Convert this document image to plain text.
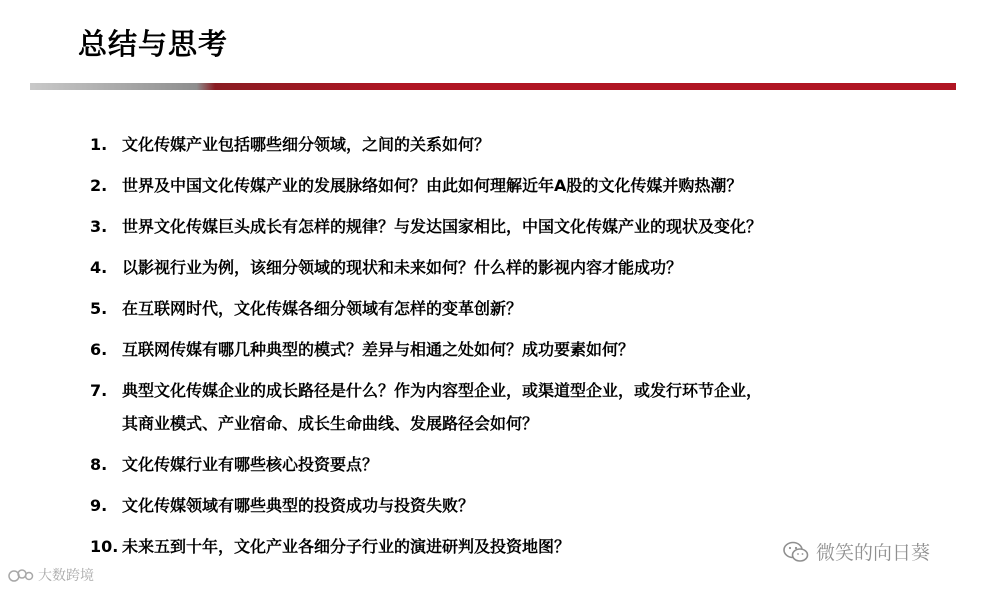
总结与思考
1. 文化传媒产业包括哪些细分领域，之间的关系如何？
2. 世界及中国文化传媒产业的发展脉络如何？由此如何理解近年A股的文化传媒并购热潮？
3. 世界文化传媒巨头成长有怎样的规律？与发达国家相比，中国文化传媒产业的现状及变化？
4. 以影视行业为例，该细分领域的现状和未来如何？什么样的影视内容才能成功？
5. 在互联网时代，文化传媒各细分领域有怎样的变革创新？
6. 互联网传媒有哪几种典型的模式？差异与相通之处如何？成功要素如何？
7. 典型文化传媒企业的成长路径是什么？作为内容型企业，或渠道型企业，或发行环节企业，
其商业模式、产业宿命、成长生命曲线、发展路径会如何？
8. 文化传媒行业有哪些核心投资要点？
9. 文化传媒领域有哪些典型的投资成功与投资失败？
10. 未来五到十年，文化产业各细分子行业的演进研判及投资地图？
大数跨境
微笑的向日葵
